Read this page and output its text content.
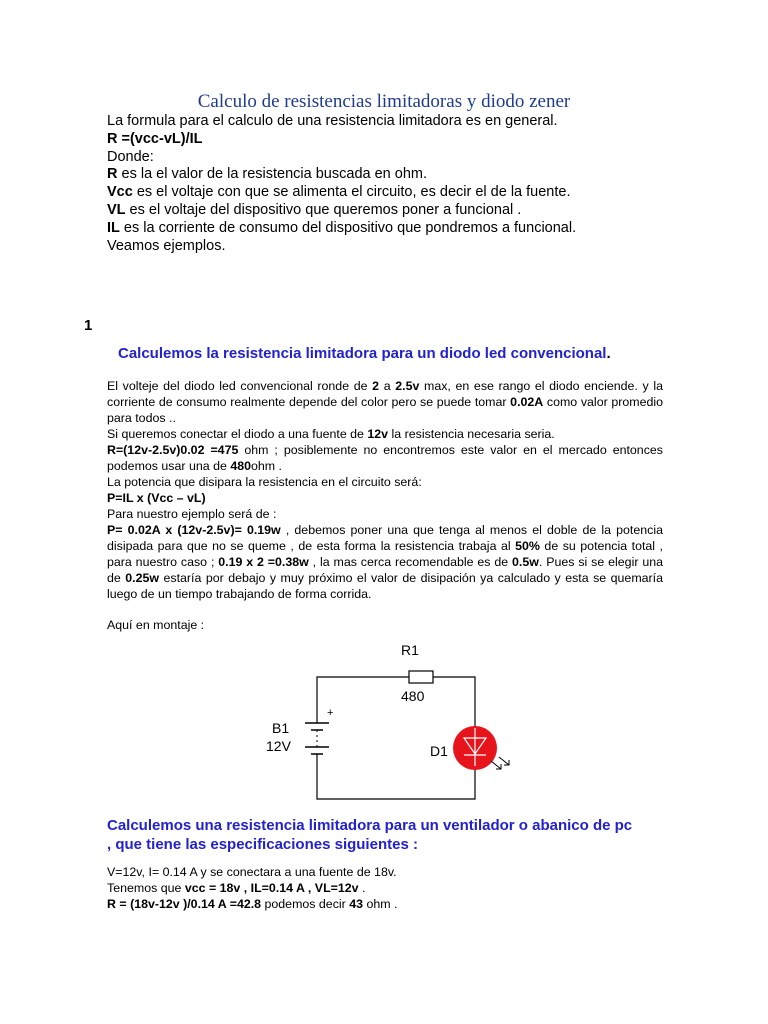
Calculo de resistencias limitadoras y diodo zener
La formula para el calculo de una resistencia limitadora es en general.
R =(vcc-vL)/IL
Donde:
R es la el valor de la resistencia buscada en ohm.
Vcc es el voltaje con que se alimenta el circuito, es decir el de la fuente.
VL es el voltaje del dispositivo que queremos poner a funcional .
IL es la corriente de consumo del dispositivo que pondremos a funcional.
Veamos ejemplos.
1
Calculemos la resistencia limitadora para un diodo led convencional.
El volteje del diodo led convencional ronde de 2 a 2.5v max, en ese rango el diodo enciende. y la corriente de consumo realmente depende del color pero se puede tomar 0.02A como valor promedio para todos ..
Si queremos conectar el diodo a una fuente de 12v la resistencia necesaria seria.
R=(12v-2.5v)0.02 =475 ohm ; posiblemente no encontremos este valor en el mercado entonces podemos usar una de 480ohm .
La potencia que disipara la resistencia en el circuito será:
P=IL x (Vcc – vL)
Para nuestro ejemplo será de :
P= 0.02A x (12v-2.5v)= 0.19w , debemos poner una que tenga al menos el doble de la potencia disipada para que no se queme , de esta forma la resistencia trabaja al 50% de su potencia total , para nuestro caso ; 0.19 x 2 =0.38w , la mas cerca recomendable es de 0.5w. Pues si se elegir una de 0.25w estaría por debajo y muy próximo el valor de disipación ya calculado y esta se quemaría luego de un tiempo trabajando de forma corrida.
Aquí en montaje :
R1
480
B1
12V
+
D1
Calculemos una resistencia limitadora para un ventilador o abanico de pc
, que tiene las especificaciones siguientes :
V=12v, I= 0.14 A y se conectara a una fuente de 18v.
Tenemos que vcc = 18v , IL=0.14 A , VL=12v .
R = (18v-12v )/0.14 A =42.8 podemos decir 43 ohm .
